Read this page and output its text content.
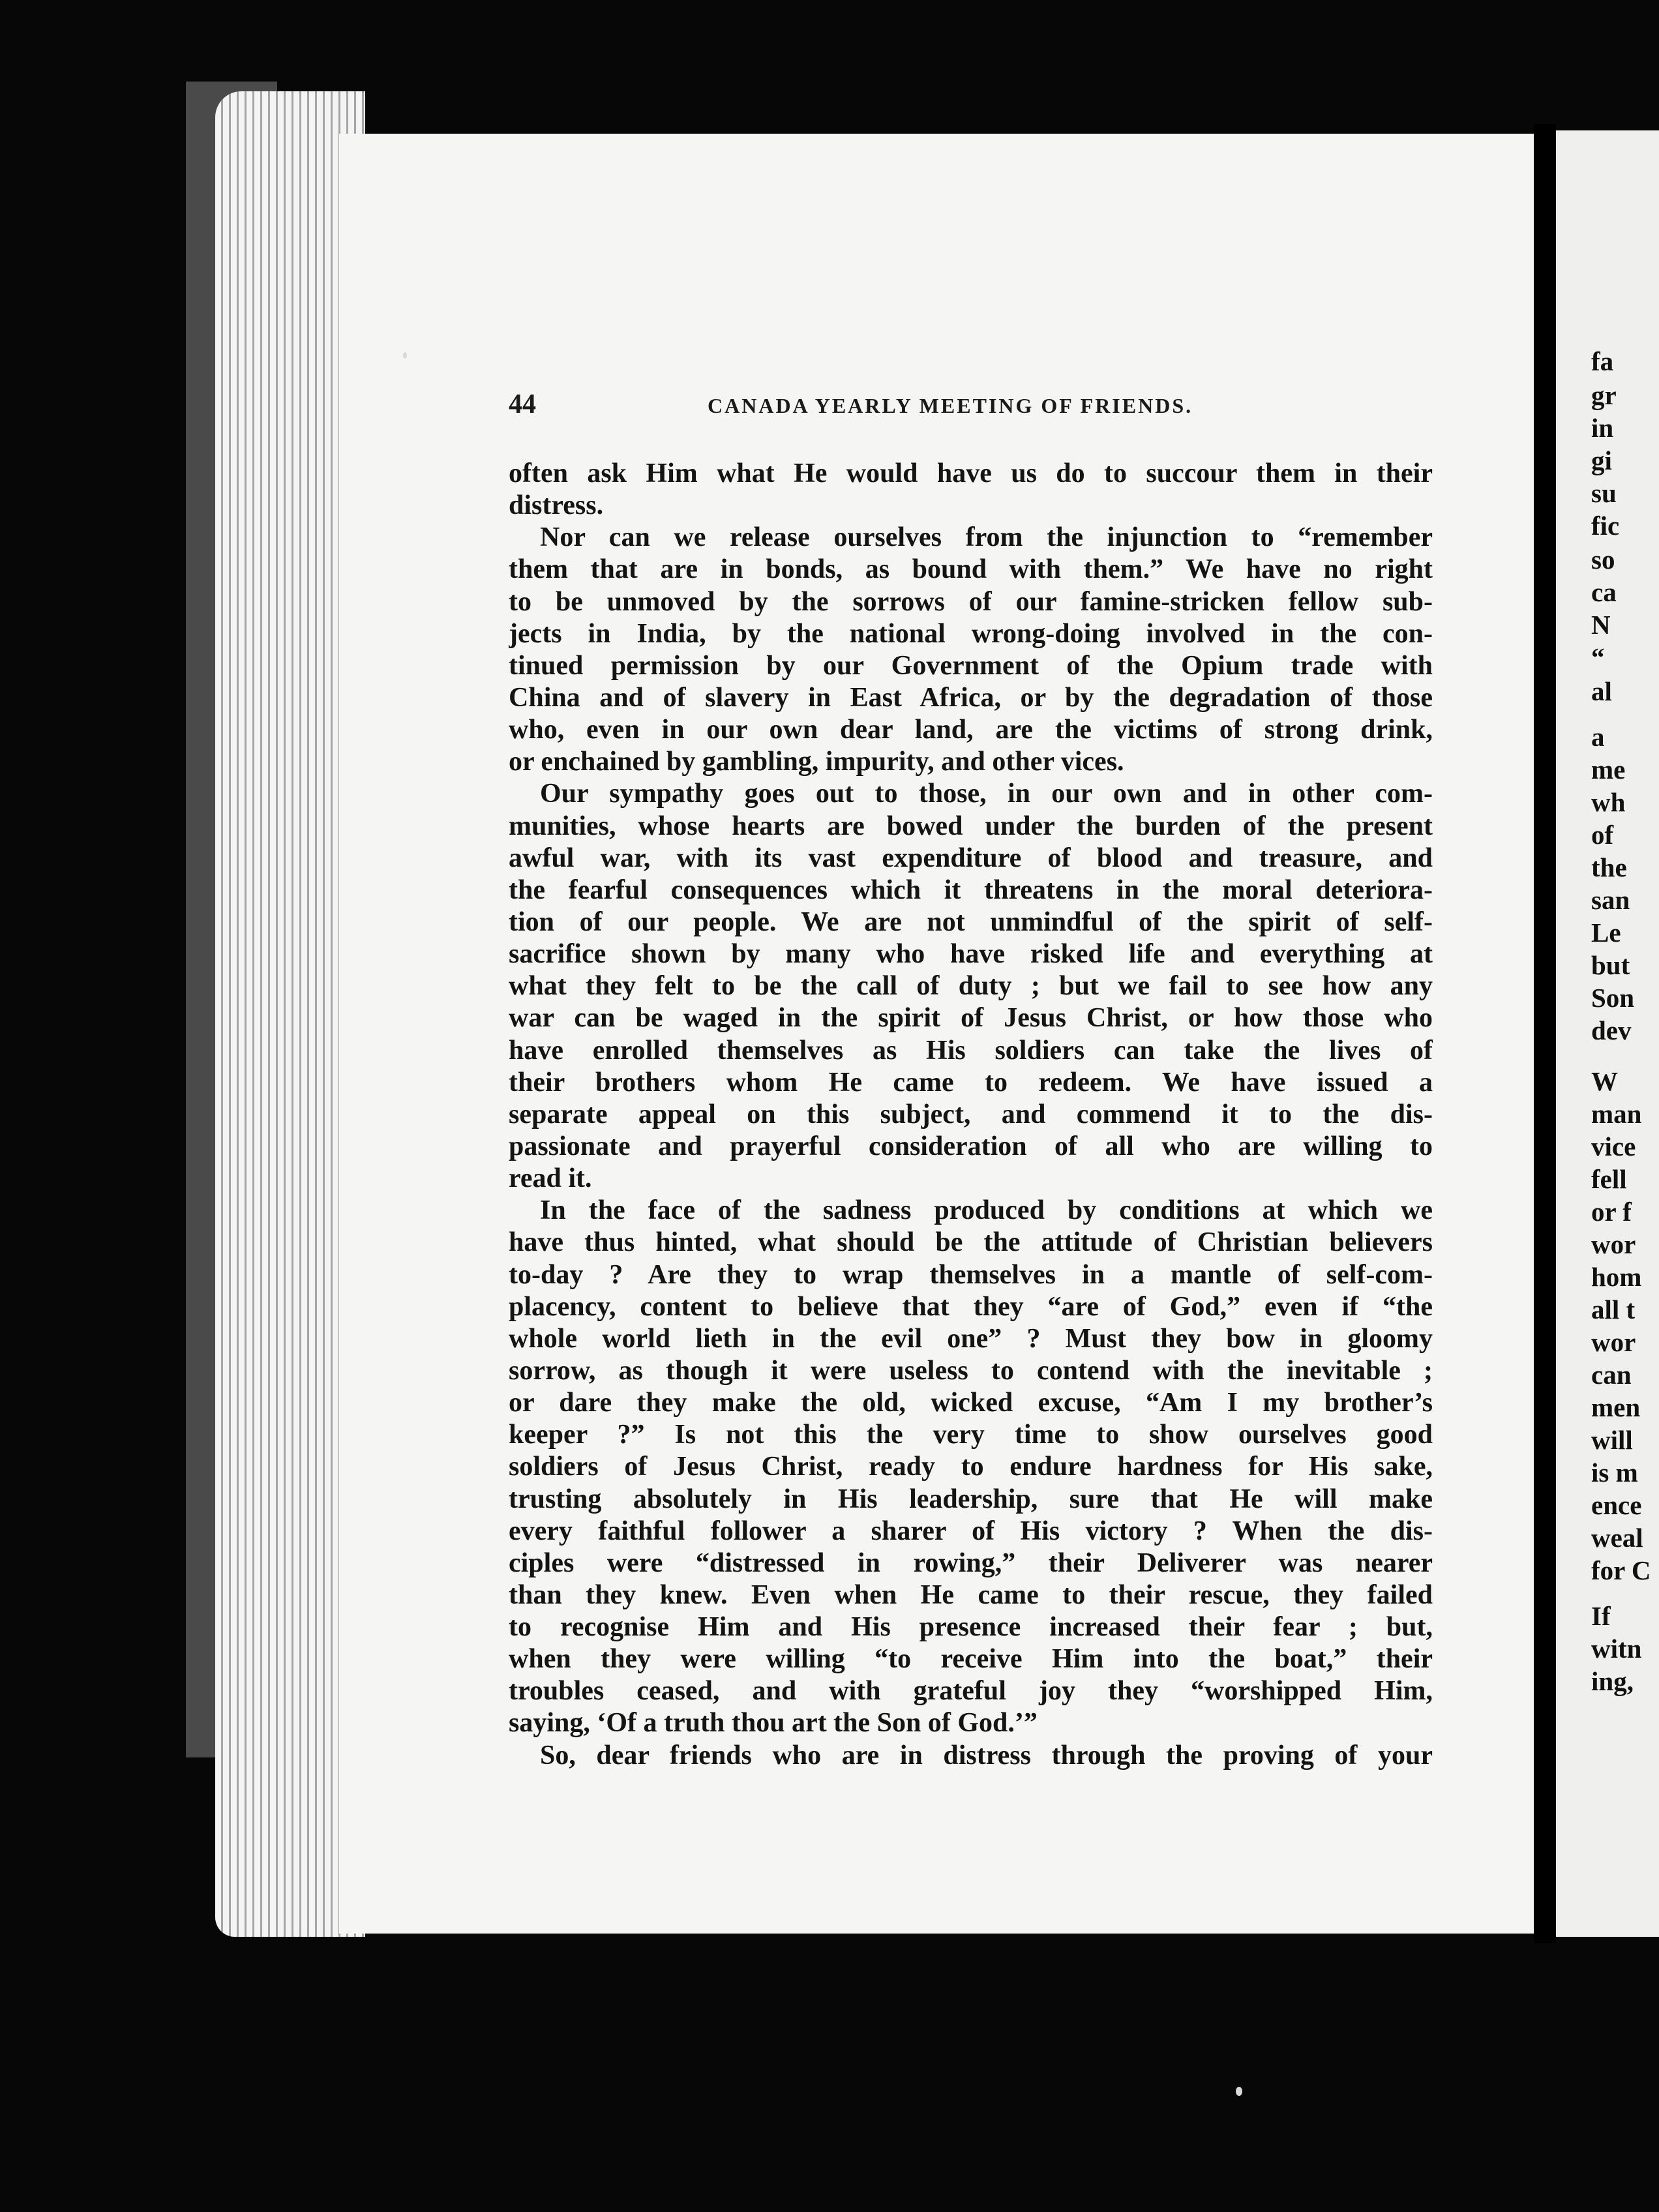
fa
gr
in
gi
su
fic
so
ca
N
“
al
a
me
wh
of
the
san
Le
but
Son
dev
W
man
vice
fell
or f
wor
hom
all t
wor
can
men
will
is m
ence
weal
for C
If
witn
ing,
44	CANADA YEARLY MEETING OF FRIENDS.
often ask Him what He would have us do to succour them in their
distress.
Nor can we release ourselves from the injunction to “remember
them that are in bonds, as bound with them.” We have no right
to be unmoved by the sorrows of our famine-stricken fellow sub-
jects in India, by the national wrong-doing involved in the con-
tinued permission by our Government of the Opium trade with
China and of slavery in East Africa, or by the degradation of those
who, even in our own dear land, are the victims of strong drink,
or enchained by gambling, impurity, and other vices.
Our sympathy goes out to those, in our own and in other com-
munities, whose hearts are bowed under the burden of the present
awful war, with its vast expenditure of blood and treasure, and
the fearful consequences which it threatens in the moral deteriora-
tion of our people. We are not unmindful of the spirit of self-
sacrifice shown by many who have risked life and everything at
what they felt to be the call of duty ; but we fail to see how any
war can be waged in the spirit of Jesus Christ, or how those who
have enrolled themselves as His soldiers can take the lives of
their brothers whom He came to redeem. We have issued a
separate appeal on this subject, and commend it to the dis-
passionate and prayerful consideration of all who are willing to
read it.
In the face of the sadness produced by conditions at which we
have thus hinted, what should be the attitude of Christian believers
to-day ? Are they to wrap themselves in a mantle of self-com-
placency, content to believe that they “are of God,” even if “the
whole world lieth in the evil one” ? Must they bow in gloomy
sorrow, as though it were useless to contend with the inevitable ;
or dare they make the old, wicked excuse, “Am I my brother’s
keeper ?” Is not this the very time to show ourselves good
soldiers of Jesus Christ, ready to endure hardness for His sake,
trusting absolutely in His leadership, sure that He will make
every faithful follower a sharer of His victory ? When the dis-
ciples were “distressed in rowing,” their Deliverer was nearer
than they knew. Even when He came to their rescue, they failed
to recognise Him and His presence increased their fear ; but,
when they were willing “to receive Him into the boat,” their
troubles ceased, and with grateful joy they “worshipped Him,
saying, ‘Of a truth thou art the Son of God.’”
So, dear friends who are in distress through the proving of your
